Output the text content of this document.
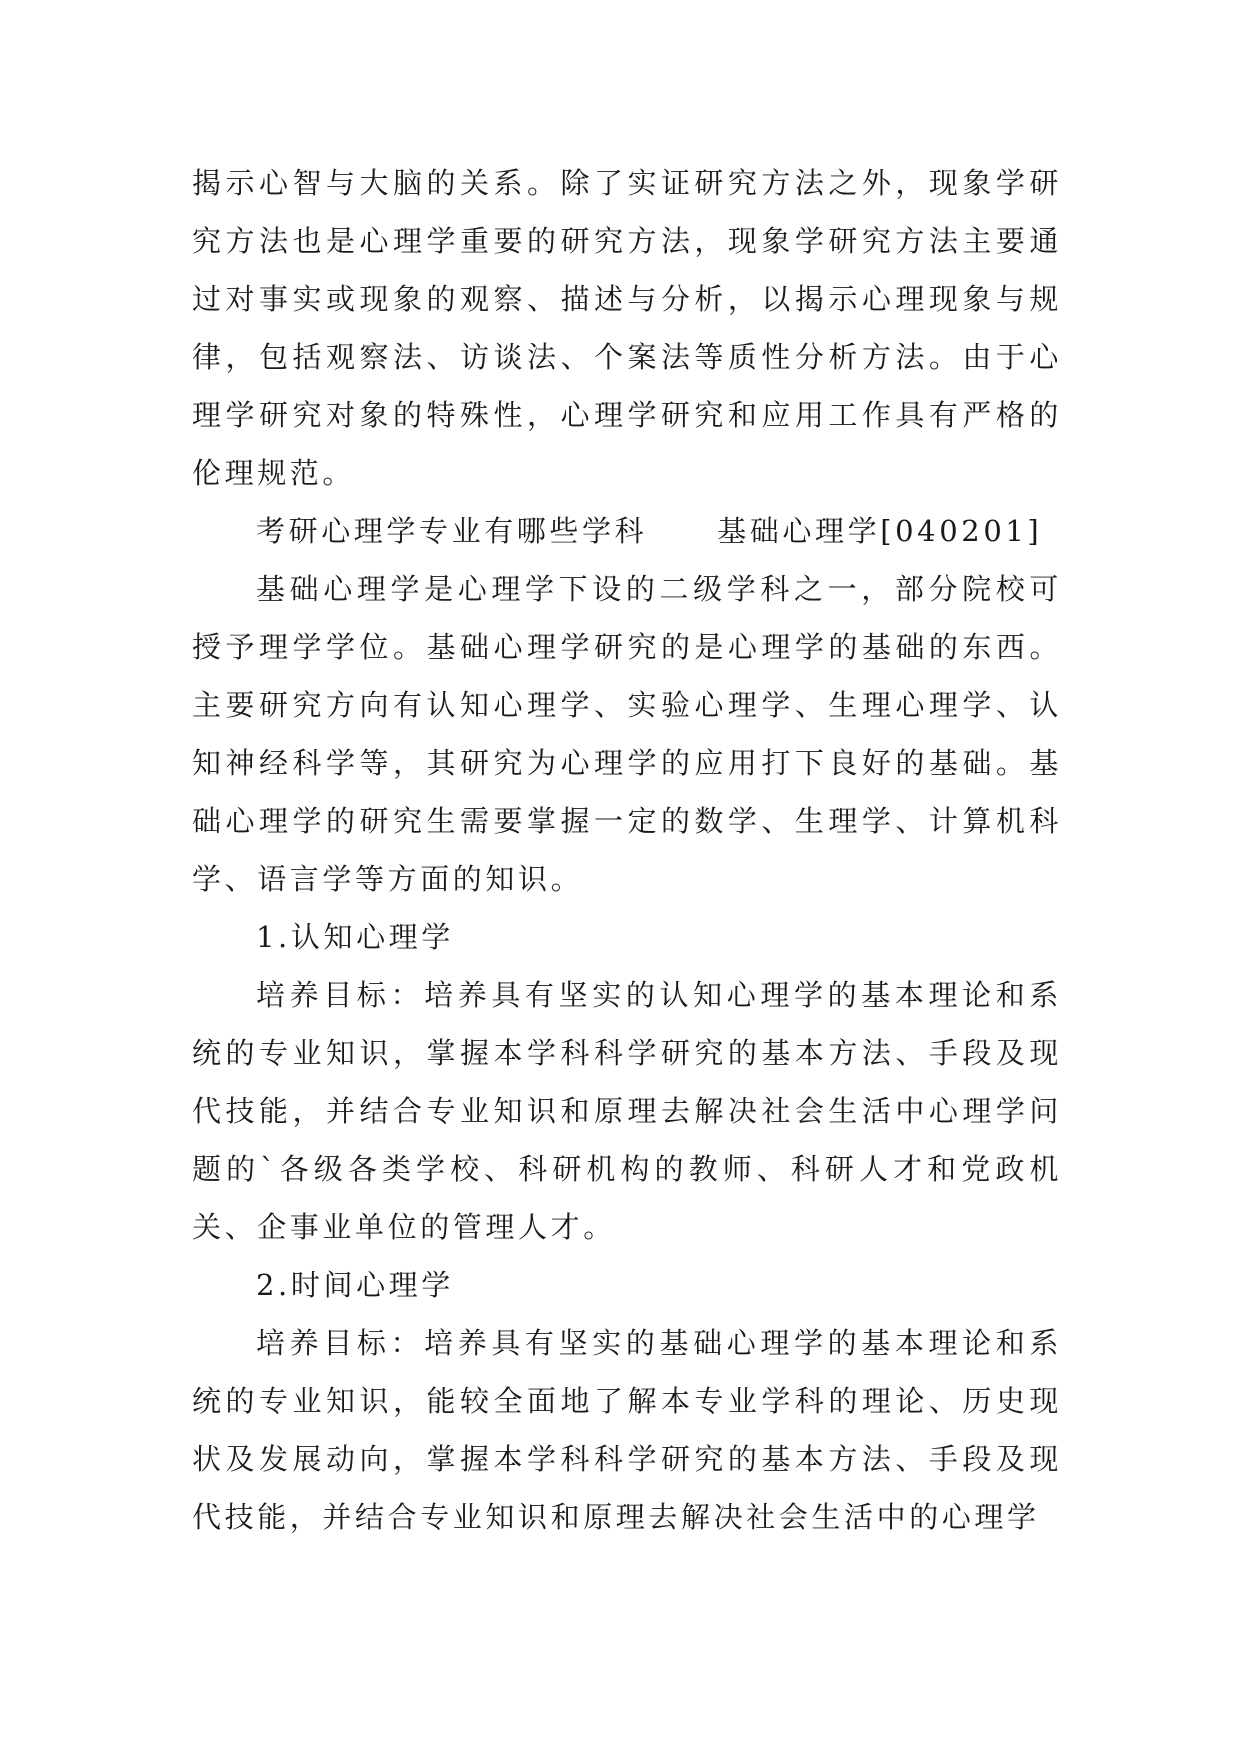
揭示心智与大脑的关系。除了实证研究方法之外，现象学研究方法也是心理学重要的研究方法，现象学研究方法主要通过对事实或现象的观察、描述与分析，以揭示心理现象与规律，包括观察法、访谈法、个案法等质性分析方法。由于心理学研究对象的特殊性，心理学研究和应用工作具有严格的伦理规范。

考研心理学专业有哪些学科 基础心理学[040201]

基础心理学是心理学下设的二级学科之一，部分院校可授予理学学位。基础心理学研究的是心理学的基础的东西。主要研究方向有认知心理学、实验心理学、生理心理学、认知神经科学等，其研究为心理学的应用打下良好的基础。基础心理学的研究生需要掌握一定的数学、生理学、计算机科学、语言学等方面的知识。

1.认知心理学

培养目标：培养具有坚实的认知心理学的基本理论和系统的专业知识，掌握本学科科学研究的基本方法、手段及现代技能，并结合专业知识和原理去解决社会生活中心理学问题的`各级各类学校、科研机构的教师、科研人才和党政机关、企事业单位的管理人才。

2.时间心理学

培养目标：培养具有坚实的基础心理学的基本理论和系统的专业知识，能较全面地了解本专业学科的理论、历史现状及发展动向，掌握本学科科学研究的基本方法、手段及现代技能，并结合专业知识和原理去解决社会生活中的心理学
